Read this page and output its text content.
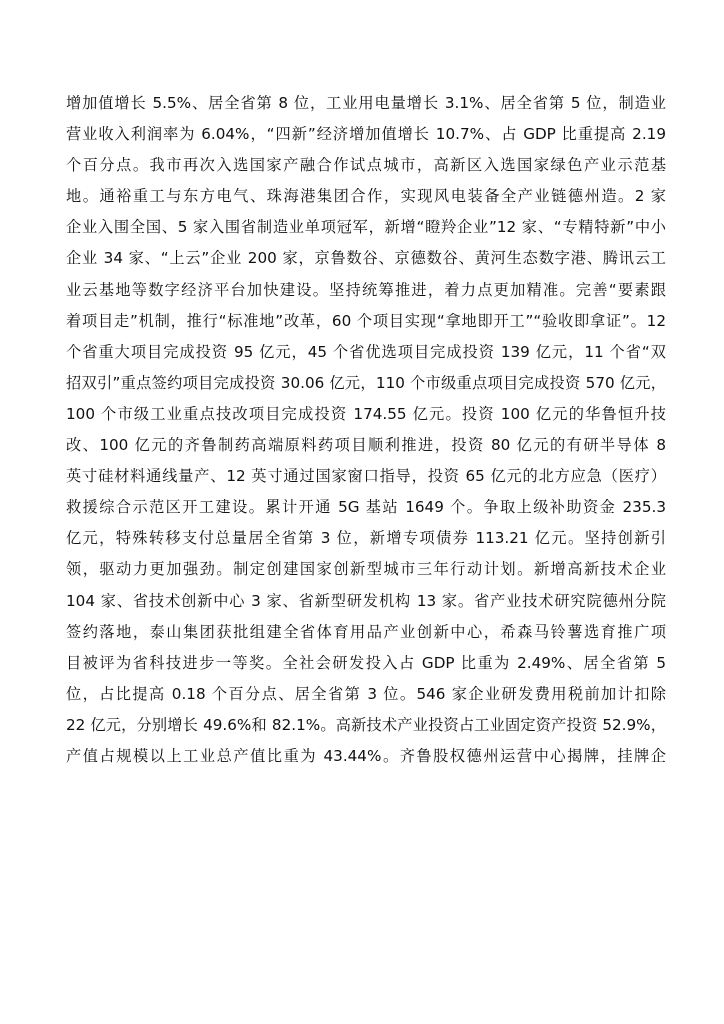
增加值增长 5.5%、居全省第 8 位，工业用电量增长 3.1%、居全省第 5 位，制造业
营业收入利润率为 6.04%，“四新”经济增加值增长 10.7%、占 GDP 比重提高 2.19
个百分点。我市再次入选国家产融合作试点城市，高新区入选国家绿色产业示范基
地。通裕重工与东方电气、珠海港集团合作，实现风电装备全产业链德州造。2 家
企业入围全国、5 家入围省制造业单项冠军，新增“瞪羚企业”12 家、“专精特新”中小
企业 34 家、“上云”企业 200 家，京鲁数谷、京德数谷、黄河生态数字港、腾讯云工
业云基地等数字经济平台加快建设。坚持统筹推进，着力点更加精准。完善“要素跟
着项目走”机制，推行“标准地”改革，60 个项目实现“拿地即开工”“验收即拿证”。12
个省重大项目完成投资 95 亿元，45 个省优选项目完成投资 139 亿元，11 个省“双
招双引”重点签约项目完成投资 30.06 亿元，110 个市级重点项目完成投资 570 亿元，
100 个市级工业重点技改项目完成投资 174.55 亿元。投资 100 亿元的华鲁恒升技
改、100 亿元的齐鲁制药高端原料药项目顺利推进，投资 80 亿元的有研半导体 8
英寸硅材料通线量产、12 英寸通过国家窗口指导，投资 65 亿元的北方应急（医疗）
救援综合示范区开工建设。累计开通 5G 基站 1649 个。争取上级补助资金 235.3
亿元，特殊转移支付总量居全省第 3 位，新增专项债券 113.21 亿元。坚持创新引
领，驱动力更加强劲。制定创建国家创新型城市三年行动计划。新增高新技术企业
104 家、省技术创新中心 3 家、省新型研发机构 13 家。省产业技术研究院德州分院
签约落地，泰山集团获批组建全省体育用品产业创新中心，希森马铃薯选育推广项
目被评为省科技进步一等奖。全社会研发投入占 GDP 比重为 2.49%、居全省第 5
位，占比提高 0.18 个百分点、居全省第 3 位。546 家企业研发费用税前加计扣除
22 亿元，分别增长 49.6%和 82.1%。高新技术产业投资占工业固定资产投资 52.9%，
产值占规模以上工业总产值比重为 43.44%。齐鲁股权德州运营中心揭牌，挂牌企
